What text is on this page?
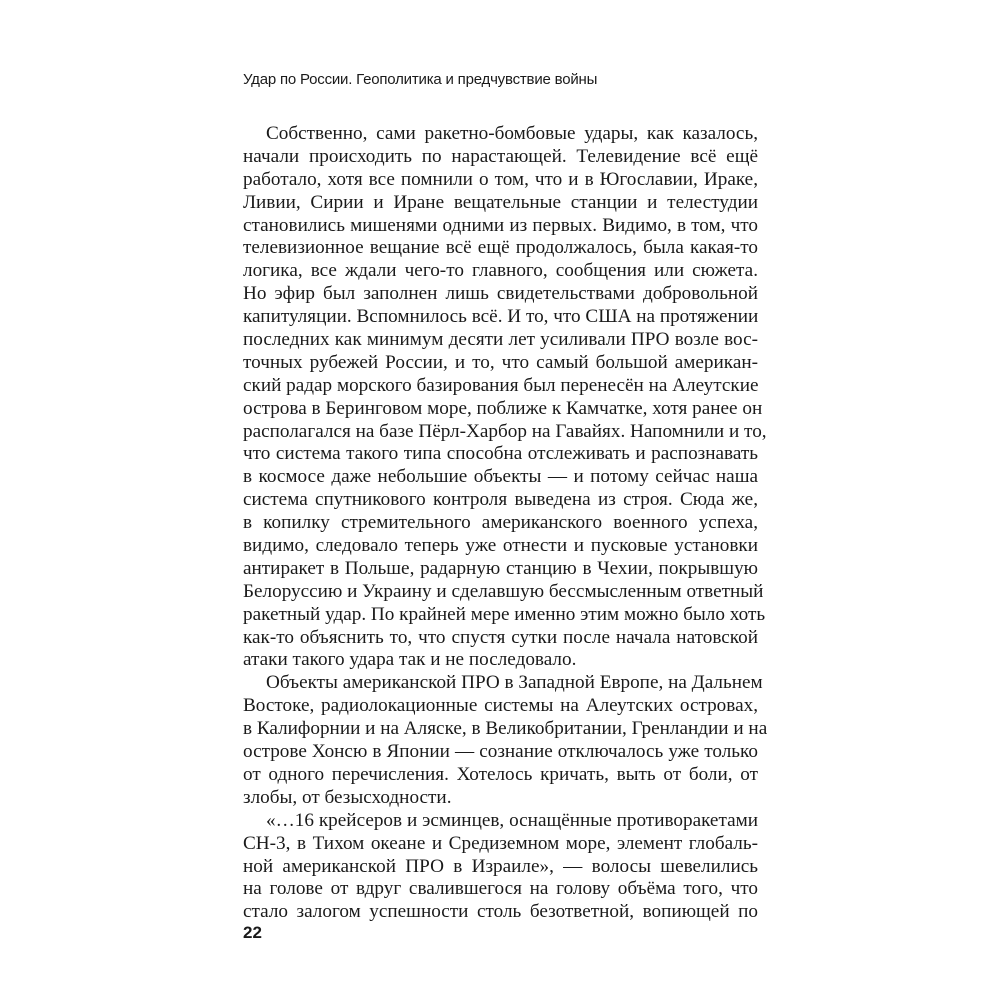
Удар по России. Геополитика и предчувствие войны
Собственно, сами ракетно-бомбовые удары, как казалось,
начали происходить по нарастающей. Телевидение всё ещё
работало, хотя все помнили о том, что и в Югославии, Ираке,
Ливии, Сирии и Иране вещательные станции и телестудии
становились мишенями одними из первых. Видимо, в том, что
телевизионное вещание всё ещё продолжалось, была какая-то
логика, все ждали чего-то главного, сообщения или сюжета.
Но эфир был заполнен лишь свидетельствами добровольной
капитуляции. Вспомнилось всё. И то, что США на протяжении
последних как минимум десяти лет усиливали ПРО возле вос-
точных рубежей России, и то, что самый большой американ-
ский радар морского базирования был перенесён на Алеутские
острова в Беринговом море, поближе к Камчатке, хотя ранее он
располагался на базе Пёрл-Харбор на Гавайях. Напомнили и то,
что система такого типа способна отслеживать и распознавать
в космосе даже небольшие объекты — и потому сейчас наша
система спутникового контроля выведена из строя. Сюда же,
в копилку стремительного американского военного успеха,
видимо, следовало теперь уже отнести и пусковые установки
антиракет в Польше, радарную станцию в Чехии, покрывшую
Белоруссию и Украину и сделавшую бессмысленным ответный
ракетный удар. По крайней мере именно этим можно было хоть
как-то объяснить то, что спустя сутки после начала натовской
атаки такого удара так и не последовало.
Объекты американской ПРО в Западной Европе, на Дальнем
Востоке, радиолокационные системы на Алеутских островах,
в Калифорнии и на Аляске, в Великобритании, Гренландии и на
острове Хонсю в Японии — сознание отключалось уже только
от одного перечисления. Хотелось кричать, выть от боли, от
злобы, от безысходности.
«…16 крейсеров и эсминцев, оснащённые противоракетами
СН-3, в Тихом океане и Средиземном море, элемент глобаль-
ной американской ПРО в Израиле», — волосы шевелились
на голове от вдруг свалившегося на голову объёма того, что
стало залогом успешности столь безответной, вопиющей по
22
